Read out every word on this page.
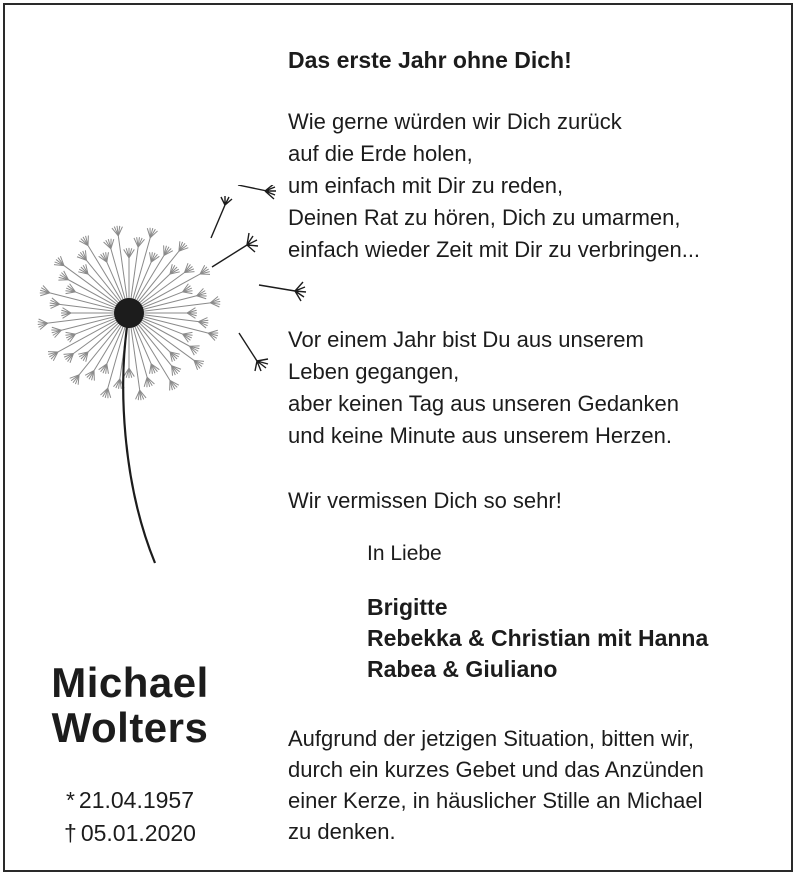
Michael
Wolters
* 21.04.1957
† 05.01.2020
Das erste Jahr ohne Dich!
Wie gerne würden wir Dich zurück
auf die Erde holen,
um einfach mit Dir zu reden,
Deinen Rat zu hören, Dich zu umarmen,
einfach wieder Zeit mit Dir zu verbringen...
Vor einem Jahr bist Du aus unserem
Leben gegangen,
aber keinen Tag aus unseren Gedanken
und keine Minute aus unserem Herzen.
Wir vermissen Dich so sehr!
In Liebe
Brigitte
Rebekka & Christian mit Hanna
Rabea & Giuliano
Aufgrund der jetzigen Situation, bitten wir,
durch ein kurzes Gebet und das Anzünden
einer Kerze, in häuslicher Stille an Michael
zu denken.
